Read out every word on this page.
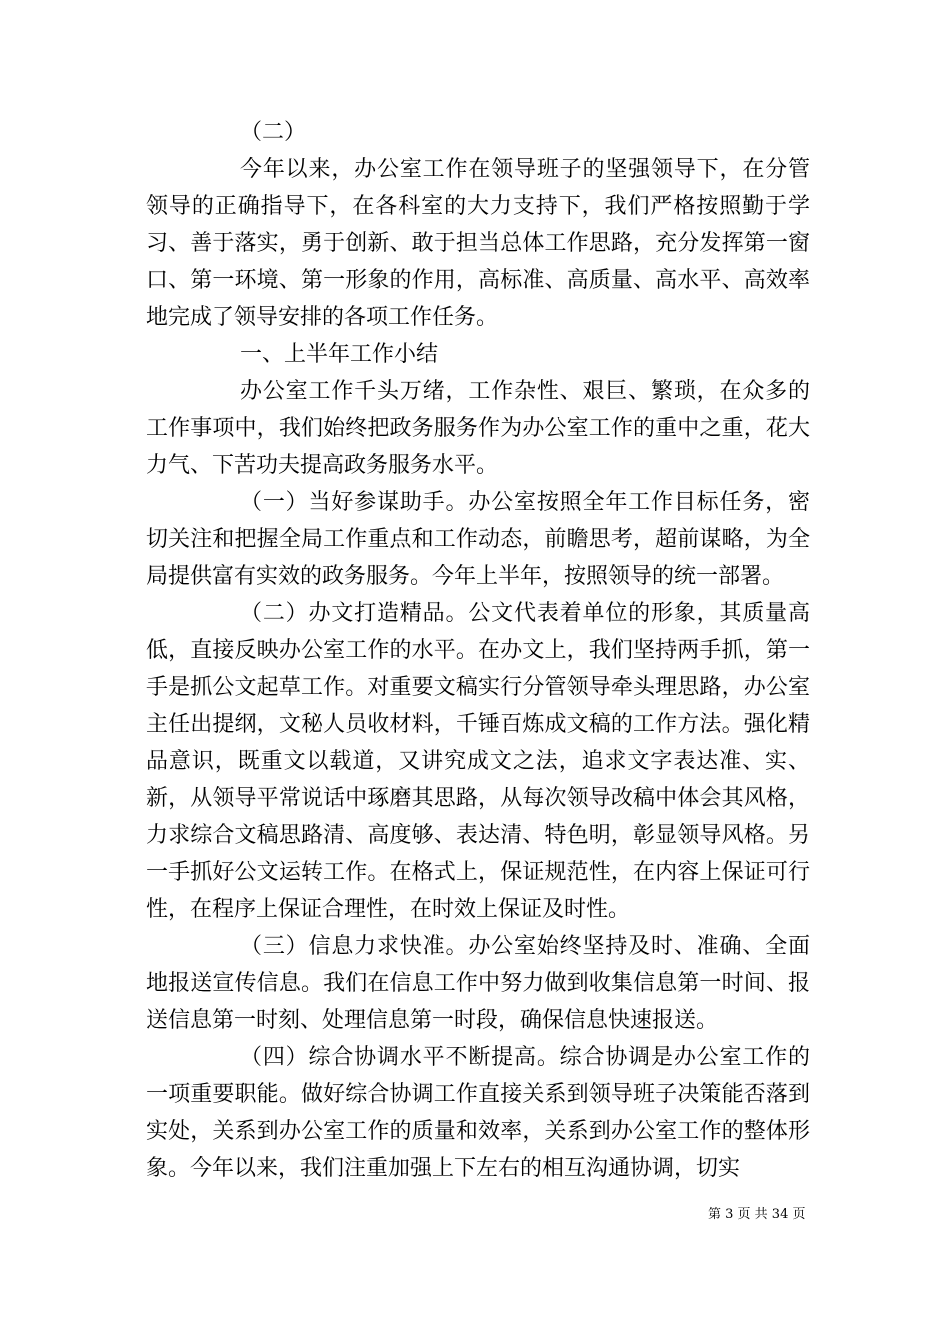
（二）

今年以来，办公室工作在领导班子的坚强领导下，在分管领导的正确指导下，在各科室的大力支持下，我们严格按照勤于学习、善于落实，勇于创新、敢于担当总体工作思路，充分发挥第一窗口、第一环境、第一形象的作用，高标准、高质量、高水平、高效率地完成了领导安排的各项工作任务。

一、上半年工作小结

办公室工作千头万绪，工作杂性、艰巨、繁琐，在众多的工作事项中，我们始终把政务服务作为办公室工作的重中之重，花大力气、下苦功夫提高政务服务水平。

（一）当好参谋助手。办公室按照全年工作目标任务，密切关注和把握全局工作重点和工作动态，前瞻思考，超前谋略，为全局提供富有实效的政务服务。今年上半年，按照领导的统一部署。

（二）办文打造精品。公文代表着单位的形象，其质量高低，直接反映办公室工作的水平。在办文上，我们坚持两手抓，第一手是抓公文起草工作。对重要文稿实行分管领导牵头理思路，办公室主任出提纲，文秘人员收材料，千锤百炼成文稿的工作方法。强化精品意识，既重文以载道，又讲究成文之法，追求文字表达准、实、新，从领导平常说话中琢磨其思路，从每次领导改稿中体会其风格，力求综合文稿思路清、高度够、表达清、特色明，彰显领导风格。另一手抓好公文运转工作。在格式上，保证规范性，在内容上保证可行性，在程序上保证合理性，在时效上保证及时性。

（三）信息力求快准。办公室始终坚持及时、准确、全面地报送宣传信息。我们在信息工作中努力做到收集信息第一时间、报送信息第一时刻、处理信息第一时段，确保信息快速报送。

（四）综合协调水平不断提高。综合协调是办公室工作的一项重要职能。做好综合协调工作直接关系到领导班子决策能否落到实处，关系到办公室工作的质量和效率，关系到办公室工作的整体形象。今年以来，我们注重加强上下左右的相互沟通协调，切实

第 3 页 共 34 页
